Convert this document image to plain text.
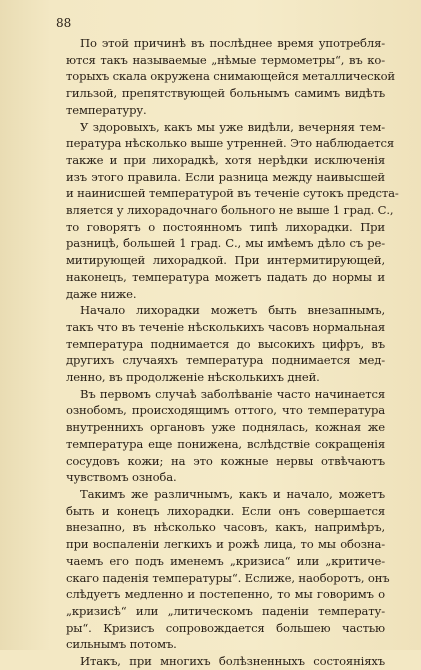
88
По этой причинѣ въ послѣднее время употребля-
ются такъ называемые „нѣмые термометры“, въ ко-
торыхъ скала окружена снимающейся металлической
гильзой, препятствующей больнымъ самимъ видѣть
температуру.
У здоровыхъ, какъ мы уже видѣли, вечерняя тем-
пература нѣсколько выше утренней. Это наблюдается
также и при лихорадкѣ, хотя нерѣдки исключенія
изъ этого правила. Если разница между наивысшей
и наинисшей температурой въ теченіе сутокъ предста-
вляется у лихорадочнаго больного не выше 1 град. С.,
то говорятъ о постоянномъ типѣ лихорадки. При
разницѣ, большей 1 град. С., мы имѣемъ дѣло съ ре-
митирующей лихорадкой. При интермитирующей,
наконецъ, температура можетъ падать до нормы и
даже ниже.
Начало лихорадки можетъ быть внезапнымъ,
такъ что въ теченіе нѣсколькихъ часовъ нормальная
температура поднимается до высокихъ цифръ, въ
другихъ случаяхъ температура поднимается мед-
ленно, въ продолженіе нѣсколькихъ дней.
Въ первомъ случаѣ заболѣваніе часто начинается
ознобомъ, происходящимъ оттого, что температура
внутреннихъ органовъ уже поднялась, кожная же
температура еще понижена, вслѣдствіе сокращенія
сосудовъ кожи; на это кожные нервы отвѣчаютъ
чувствомъ озноба.
Такимъ же различнымъ, какъ и начало, можетъ
быть и конецъ лихорадки. Если онъ совершается
внезапно, въ нѣсколько часовъ, какъ, напримѣръ,
при воспаленіи легкихъ и рожѣ лица, то мы обозна-
чаемъ его подъ именемъ „кризиса“ или „критиче-
скаго паденія температуры“. Еслиже, наоборотъ, онъ
слѣдуетъ медленно и постепенно, то мы говоримъ о
„кризисѣ“ или „литическомъ паденіи температу-
ры“. Кризисъ сопровождается большею частью
сильнымъ потомъ.
Итакъ, при многихъ болѣзненныхъ состояніяхъ
